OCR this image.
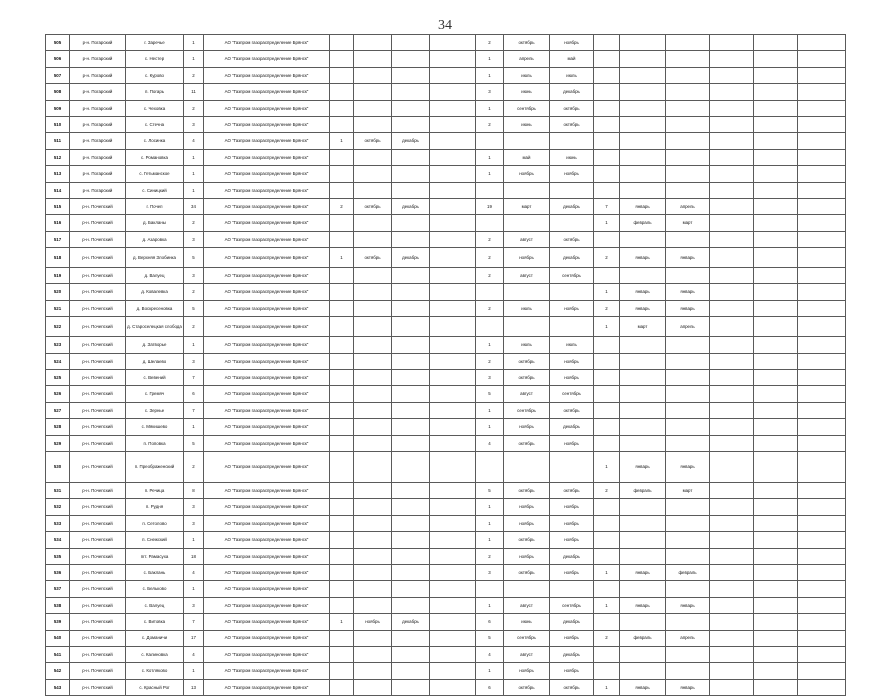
34
505	р-н. Погарский	г. Заречье	1	АО "Газпром газораспределение Брянск"					2	октябрь	ноябрь						
506	р-н. Погарский	с. Нестер	1	АО "Газпром газораспределение Брянск"					1	апрель	май						
507	р-н. Погарский	с. Курово	2	АО "Газпром газораспределение Брянск"					1	июль	июль						
508	р-н. Погарский	п. Погарь	11	АО "Газпром газораспределение Брянск"					3	июнь	декабрь						
509	р-н. Погарский	с. Чеховка	2	АО "Газпром газораспределение Брянск"					1	сентябрь	октябрь						
510	р-н. Погарский	с. Стечна	3	АО "Газпром газораспределение Брянск"					2	июнь	октябрь						
511	р-н. Погарский	с. Лосинка	4	АО "Газпром газораспределение Брянск"	1	октябрь	декабрь										
512	р-н. Погарский	с. Романовка	1	АО "Газпром газораспределение Брянск"					1	май	июнь						
513	р-н. Погарский	с. Гетьманское	1	АО "Газпром газораспределение Брянск"					1	ноябрь	ноябрь						
514	р-н. Погарский	с. Синицкий	1	АО "Газпром газораспределение Брянск"													
515	р-н. Почепский	г. Почеп	34	АО "Газпром газораспределение Брянск"	2	октябрь	декабрь		19	март	декабрь	7	январь	апрель			
516	р-н. Почепский	д. Бакланы	2	АО "Газпром газораспределение Брянск"								1	февраль	март			
517	р-н. Почепский	д. Азаровка	3	АО "Газпром газораспределение Брянск"					2	август	октябрь						
518	р-н. Почепский	д. Верхняя Злобинка	5	АО "Газпром газораспределение Брянск"	1	октябрь	декабрь		2	ноябрь	декабрь	2	январь	январь			
519	р-н. Почепский	д. Валуец	3	АО "Газпром газораспределение Брянск"					2	август	сентябрь						
520	р-н. Почепский	д. Ковалевка	2	АО "Газпром газораспределение Брянск"								1	январь	январь			
521	р-н. Почепский	д. Воскресеновка	5	АО "Газпром газораспределение Брянск"					2	июль	ноябрь	2	январь	январь			
522	р-н. Почепский	д. Староселецкая слобода	2	АО "Газпром газораспределение Брянск"								1	март	апрель			
523	р-н. Почепский	д. Затворье	1	АО "Газпром газораспределение Брянск"					1	июль	июль						
524	р-н. Почепский	д. Шелаево	3	АО "Газпром газораспределение Брянск"					2	октябрь	ноябрь						
525	р-н. Почепский	с. Вевений	7	АО "Газпром газораспределение Брянск"					3	октябрь	ноябрь						
526	р-н. Почепский	с. Гремяч	6	АО "Газпром газораспределение Брянск"					5	август	сентябрь						
527	р-н. Почепский	с. Зернье	7	АО "Газпром газораспределение Брянск"					1	сентябрь	октябрь						
528	р-н. Почепский	с. Мякишево	1	АО "Газпром газораспределение Брянск"					1	ноябрь	декабрь						
529	р-н. Почепский	п. Поповка	5	АО "Газпром газораспределение Брянск"					4	октябрь	ноябрь						
530	р-н. Почепский	п. Преображенский	2	АО "Газпром газораспределение Брянск"								1	январь	январь			
531	р-н. Почепский	п. Речица	8	АО "Газпром газораспределение Брянск"					5	октябрь	октябрь	2	февраль	март			
532	р-н. Почепский	п. Рудня	3	АО "Газпром газораспределение Брянск"					1	ноябрь	ноябрь						
533	р-н. Почепский	п. Сетолово	3	АО "Газпром газораспределение Брянск"					1	ноябрь	ноябрь						
534	р-н. Почепский	п. Снежский	1	АО "Газпром газораспределение Брянск"					1	октябрь	ноябрь						
535	р-н. Почепский	пгт. Рамасуха	18	АО "Газпром газораспределение Брянск"					2	ноябрь	декабрь						
536	р-н. Почепский	с. Баклань	4	АО "Газпром газораспределение Брянск"					3	октябрь	ноябрь	1	январь	февраль			
537	р-н. Почепский	с. Бельково	1	АО "Газпром газораспределение Брянск"													
538	р-н. Почепский	с. Валуец	3	АО "Газпром газораспределение Брянск"					1	август	сентябрь	1	январь	январь			
539	р-н. Почепский	с. Витовка	7	АО "Газпром газораспределение Брянск"	1	ноябрь	декабрь		6	июнь	декабрь						
540	р-н. Почепский	с. Доманичи	17	АО "Газпром газораспределение Брянск"					5	сентябрь	ноябрь	2	февраль	апрель			
541	р-н. Почепский	с. Калиновка	4	АО "Газпром газораспределение Брянск"					4	август	декабрь						
542	р-н. Почепский	с. Котляково	1	АО "Газпром газораспределение Брянск"					1	ноябрь	ноябрь						
543	р-н. Почепский	с. Красный Рог	13	АО "Газпром газораспределение Брянск"					6	октябрь	октябрь	1	январь	январь			
